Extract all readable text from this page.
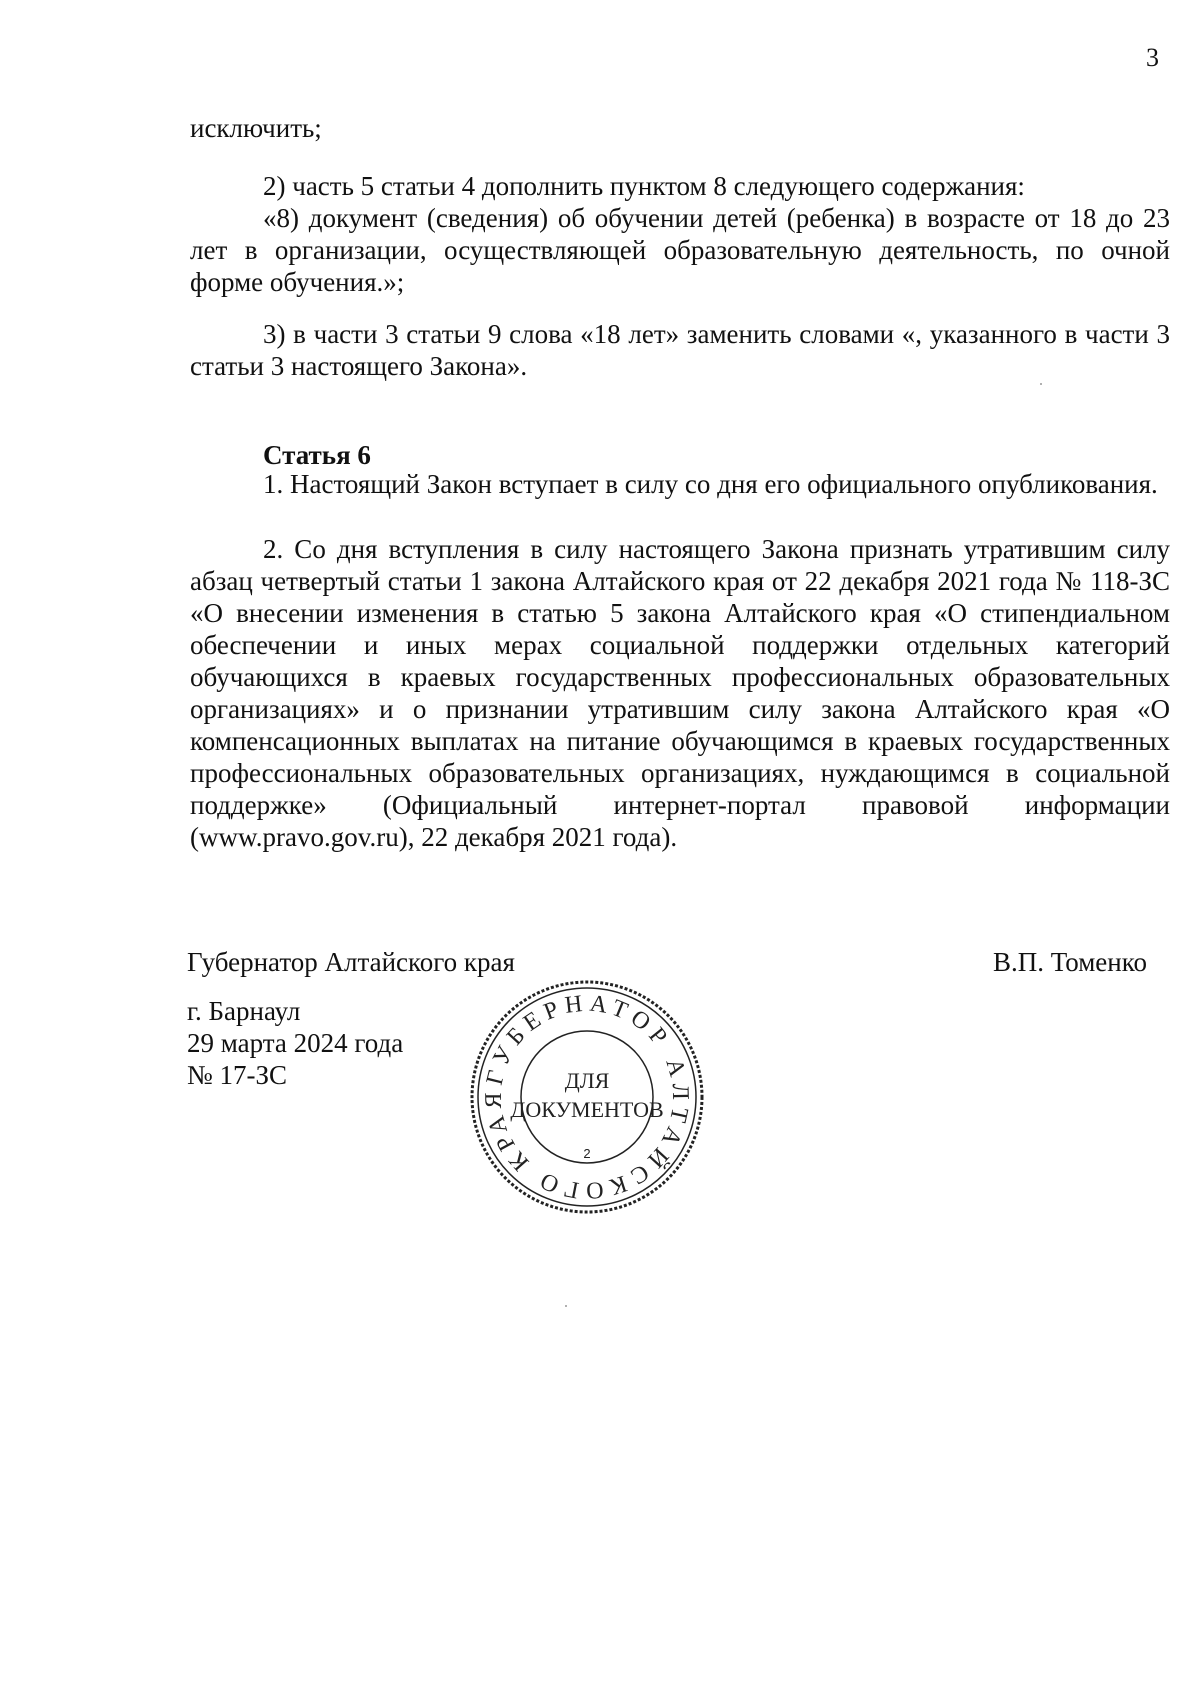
3

исключить;

2) часть 5 статьи 4 дополнить пунктом 8 следующего содержания:

«8) документ (сведения) об обучении детей (ребенка) в возрасте от 18 до 23 лет в организации, осуществляющей образовательную деятельность, по очной форме обучения.»;

3) в части 3 статьи 9 слова «18 лет» заменить словами «, указанного в части 3 статьи 3 настоящего Закона».

Статья 6

1. Настоящий Закон вступает в силу со дня его официального опубликования.

2. Со дня вступления в силу настоящего Закона признать утратившим силу абзац четвертый статьи 1 закона Алтайского края от 22 декабря 2021 года № 118-ЗС «О внесении изменения в статью 5 закона Алтайского края «О стипендиальном обеспечении и иных мерах социальной поддержки отдельных категорий обучающихся в краевых государственных профессиональных образовательных организациях» и о признании утратившим силу закона Алтайского края «О компенсационных выплатах на питание обучающимся в краевых государственных профессиональных образовательных организациях, нуждающимся в социальной поддержке» (Официальный интернет-портал правовой информации (www.pravo.gov.ru), 22 декабря 2021 года).

Губернатор Алтайского края	В.П. Томенко
г. Барнаул
29 марта 2024 года
№ 17-ЗС	ГУБЕРНАТОР АЛТАЙСКОГО КРАЯ
ДЛЯ
ДОКУМЕНТОВ
2
